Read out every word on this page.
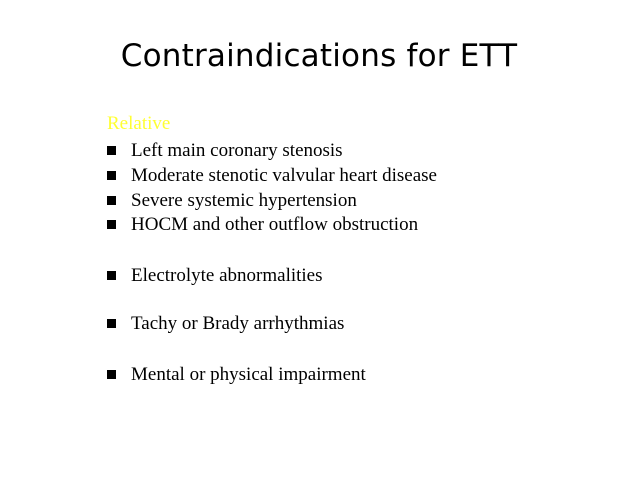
Contraindications for ETT
Relative
Left main coronary stenosis
Moderate stenotic valvular heart disease
Severe systemic hypertension
HOCM and other outflow obstruction
Electrolyte abnormalities
Tachy or Brady arrhythmias
Mental or physical impairment
